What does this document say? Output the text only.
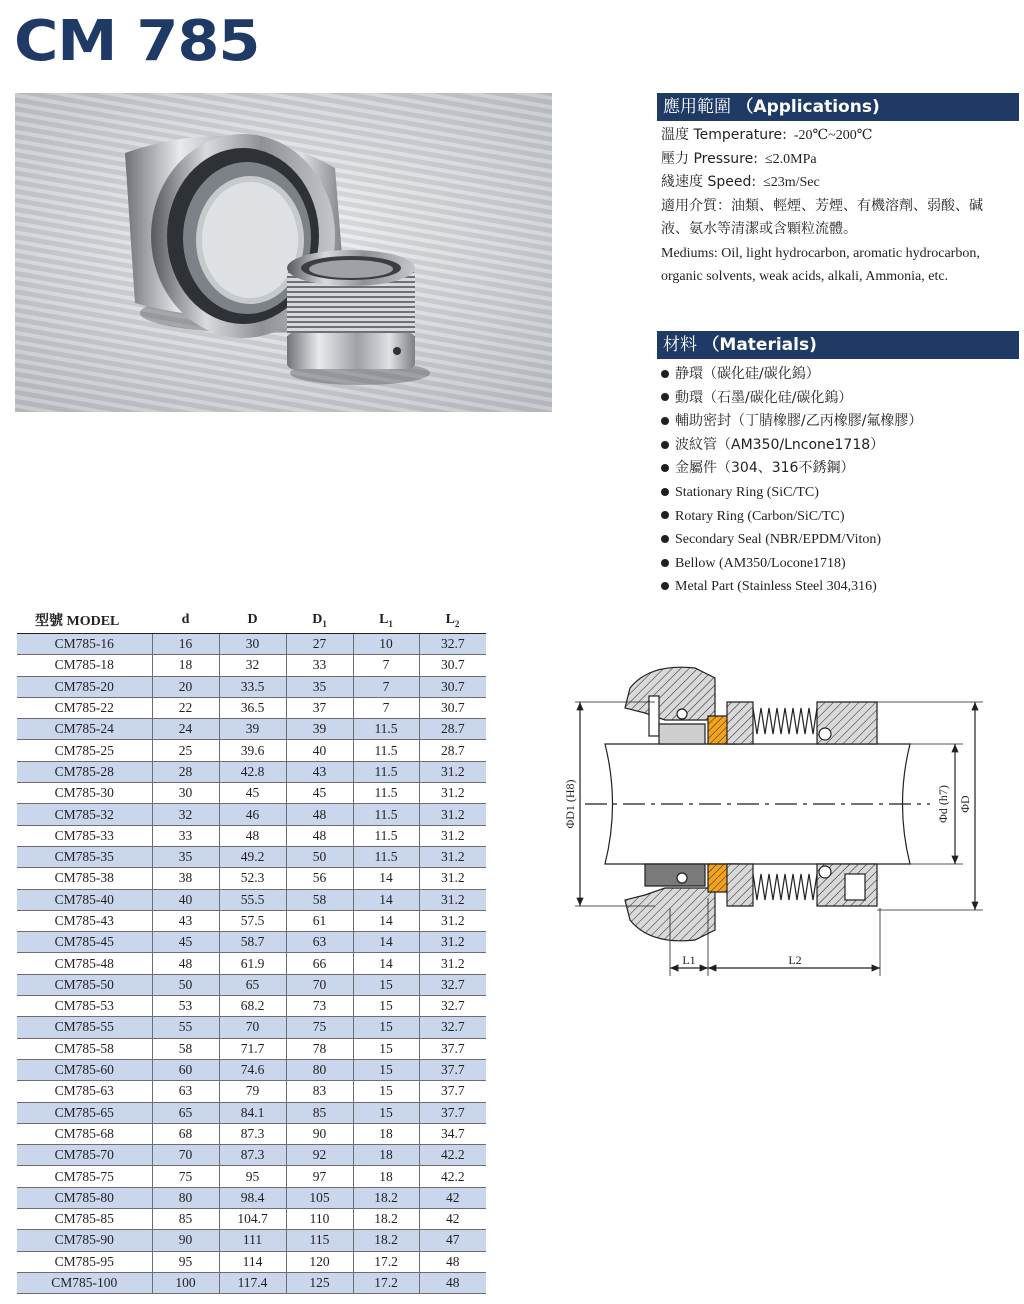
CM 785
應用範圍 （Applications)
溫度 Temperature: -20℃~200℃
壓力 Pressure: ≤2.0MPa
綫速度 Speed: ≤23m/Sec
適用介質：油類、輕煙、芳煙、有機溶劑、弱酸、碱液、氨水等清潔或含顆粒流體。
Mediums: Oil, light hydrocarbon, aromatic hydrocarbon, organic solvents, weak acids, alkali, Ammonia, etc.
材料 （Materials)
静環（碳化硅/碳化鎢）
動環（石墨/碳化硅/碳化鎢）
輔助密封（丁腈橡膠/乙丙橡膠/氟橡膠）
波紋管（AM350/Lncone1718）
金屬件（304、316不銹鋼）
Stationary Ring (SiC/TC)
Rotary Ring (Carbon/SiC/TC)
Secondary Seal (NBR/EPDM/Viton)
Bellow (AM350/Locone1718)
Metal Part (Stainless Steel 304,316)
型號 MODEL	d	D	$D_1$	$L_1$	$L_2$
CM785-16	16	30	27	10	32.7
CM785-18	18	32	33	7	30.7
CM785-20	20	33.5	35	7	30.7
CM785-22	22	36.5	37	7	30.7
CM785-24	24	39	39	11.5	28.7
CM785-25	25	39.6	40	11.5	28.7
CM785-28	28	42.8	43	11.5	31.2
CM785-30	30	45	45	11.5	31.2
CM785-32	32	46	48	11.5	31.2
CM785-33	33	48	48	11.5	31.2
CM785-35	35	49.2	50	11.5	31.2
CM785-38	38	52.3	56	14	31.2
CM785-40	40	55.5	58	14	31.2
CM785-43	43	57.5	61	14	31.2
CM785-45	45	58.7	63	14	31.2
CM785-48	48	61.9	66	14	31.2
CM785-50	50	65	70	15	32.7
CM785-53	53	68.2	73	15	32.7
CM785-55	55	70	75	15	32.7
CM785-58	58	71.7	78	15	37.7
CM785-60	60	74.6	80	15	37.7
CM785-63	63	79	83	15	37.7
CM785-65	65	84.1	85	15	37.7
CM785-68	68	87.3	90	18	34.7
CM785-70	70	87.3	92	18	42.2
CM785-75	75	95	97	18	42.2
CM785-80	80	98.4	105	18.2	42
CM785-85	85	104.7	110	18.2	42
CM785-90	90	111	115	18.2	47
CM785-95	95	114	120	17.2	48
CM785-100	100	117.4	125	17.2	48
ΦD1 (H8)	Φd (h7) ΦD
L1	L2
